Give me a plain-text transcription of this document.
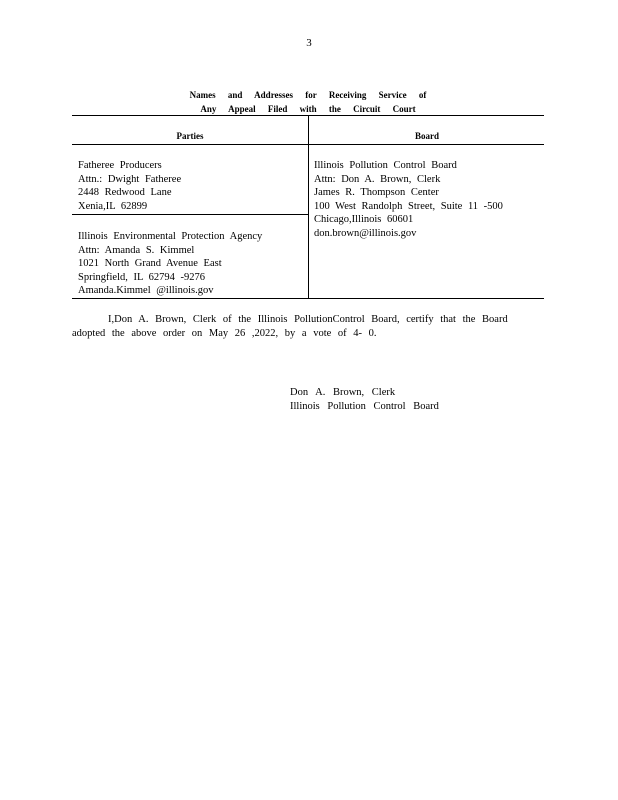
3
Names and Addresses for Receiving Service of
Any Appeal Filed with the Circuit Court
Parties	Board
Fatheree Producers
Attn.: Dwight Fatheree
2448 Redwood Lane
Xenia,IL 62899
Illinois Environmental Protection Agency
Attn: Amanda S. Kimmel
1021 North Grand Avenue East
Springfield, IL 62794 -9276
Amanda.Kimmel @illinois.gov
Illinois Pollution Control Board
Attn: Don A. Brown, Clerk
James R. Thompson Center
100 West Randolph Street, Suite 11 -500
Chicago,Illinois 60601
don.brown@illinois.gov
I,Don A. Brown, Clerk of the Illinois PollutionControl Board, certify that the Board
adopted the above order on May 26 ,2022, by a vote of 4- 0.
Don A. Brown, Clerk
Illinois Pollution Control Board
